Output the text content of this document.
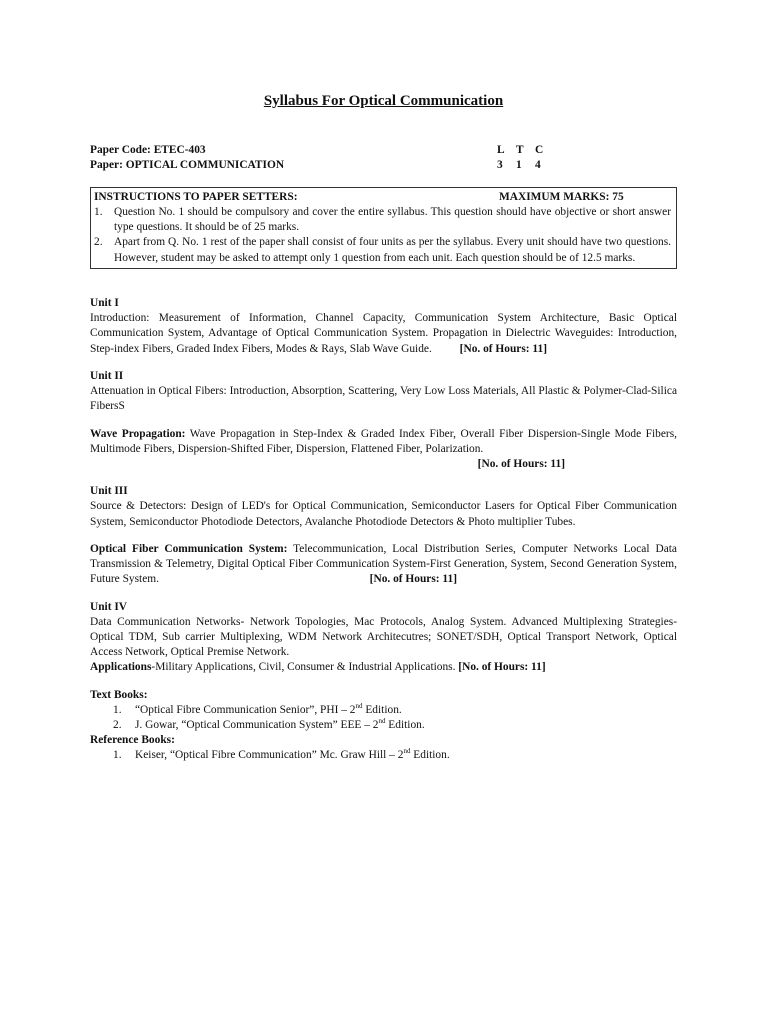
Syllabus For Optical Communication
Paper Code: ETEC-403	L T C
Paper: OPTICAL COMMUNICATION	3 1 4
INSTRUCTIONS TO PAPER SETTERS:	MAXIMUM MARKS: 75
1. Question No. 1 should be compulsory and cover the entire syllabus. This question should have objective or short answer type questions. It should be of 25 marks.
2. Apart from Q. No. 1 rest of the paper shall consist of four units as per the syllabus. Every unit should have two questions. However, student may be asked to attempt only 1 question from each unit. Each question should be of 12.5 marks.
Unit I

Introduction: Measurement of Information, Channel Capacity, Communication System Architecture, Basic Optical Communication System, Advantage of Optical Communication System. Propagation in Dielectric Waveguides: Introduction, Step-index Fibers, Graded Index Fibers, Modes & Rays, Slab Wave Guide.	[No. of Hours: 11]
Unit II

Attenuation in Optical Fibers: Introduction, Absorption, Scattering, Very Low Loss Materials, All Plastic & Polymer-Clad-Silica FibersS

Wave Propagation: Wave Propagation in Step-Index & Graded Index Fiber, Overall Fiber Dispersion-Single Mode Fibers, Multimode Fibers, Dispersion-Shifted Fiber, Dispersion, Flattened Fiber, Polarization.

[No. of Hours: 11]
Unit III

Source & Detectors: Design of LED's for Optical Communication, Semiconductor Lasers for Optical Fiber Communication System, Semiconductor Photodiode Detectors, Avalanche Photodiode Detectors & Photo multiplier Tubes.

Optical Fiber Communication System: Telecommunication, Local Distribution Series, Computer Networks Local Data Transmission & Telemetry, Digital Optical Fiber Communication System-First Generation, System, Second Generation System, Future System.	[No. of Hours: 11]
Unit IV

Data Communication Networks- Network Topologies, Mac Protocols, Analog System. Advanced Multiplexing Strategies- Optical TDM, Sub carrier Multiplexing, WDM Network Architecutres; SONET/SDH, Optical Transport Network, Optical Access Network, Optical Premise Network.

Applications-Military Applications, Civil, Consumer & Industrial Applications. [No. of Hours: 11]

Text Books:
1. “Optical Fibre Communication Senior”, PHI – 2nd Edition.
2. J. Gowar, “Optical Communication System” EEE – 2nd Edition.
Reference Books:
1. Keiser, “Optical Fibre Communication” Mc. Graw Hill – 2nd Edition.
